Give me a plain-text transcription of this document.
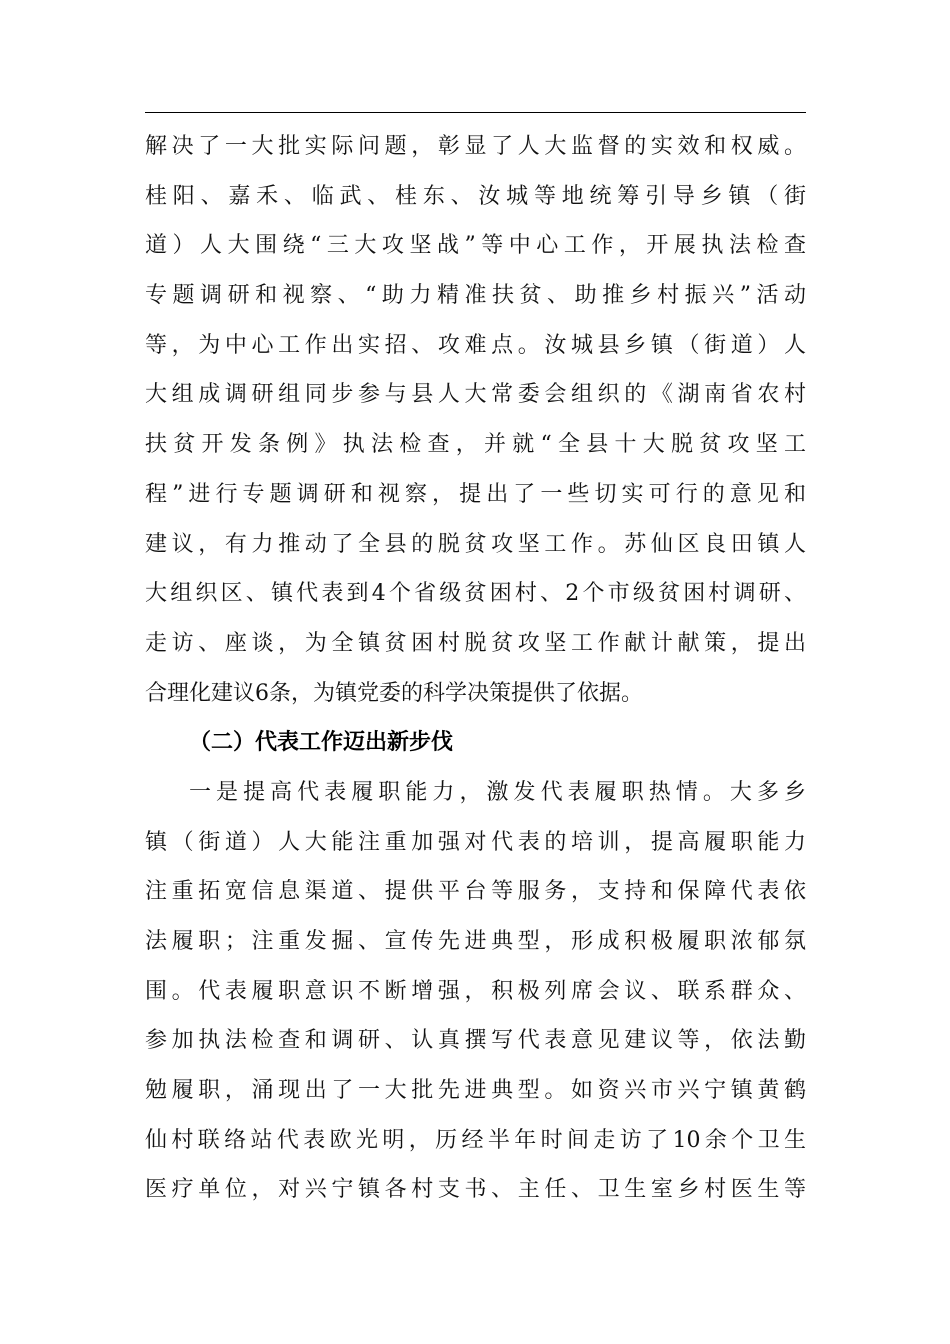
解决了一大批实际问题，彰显了人大监督的实效和权威。
桂阳、嘉禾、临武、桂东、汝城等地统筹引导乡镇（街
道）人大围绕“三大攻坚战”等中心工作，开展执法检查
专题调研和视察、“助力精准扶贫、助推乡村振兴”活动
等，为中心工作出实招、攻难点。汝城县乡镇（街道）人
大组成调研组同步参与县人大常委会组织的《湖南省农村
扶贫开发条例》执法检查，并就“全县十大脱贫攻坚工
程”进行专题调研和视察，提出了一些切实可行的意见和
建议，有力推动了全县的脱贫攻坚工作。苏仙区良田镇人
大组织区、镇代表到4个省级贫困村、2个市级贫困村调研、
走访、座谈，为全镇贫困村脱贫攻坚工作献计献策，提出
合理化建议6条，为镇党委的科学决策提供了依据。
（二）代表工作迈出新步伐
一是提高代表履职能力，激发代表履职热情。大多乡
镇（街道）人大能注重加强对代表的培训，提高履职能力
注重拓宽信息渠道、提供平台等服务，支持和保障代表依
法履职；注重发掘、宣传先进典型，形成积极履职浓郁氛
围。代表履职意识不断增强，积极列席会议、联系群众、
参加执法检查和调研、认真撰写代表意见建议等，依法勤
勉履职，涌现出了一大批先进典型。如资兴市兴宁镇黄鹤
仙村联络站代表欧光明，历经半年时间走访了10余个卫生
医疗单位，对兴宁镇各村支书、主任、卫生室乡村医生等
